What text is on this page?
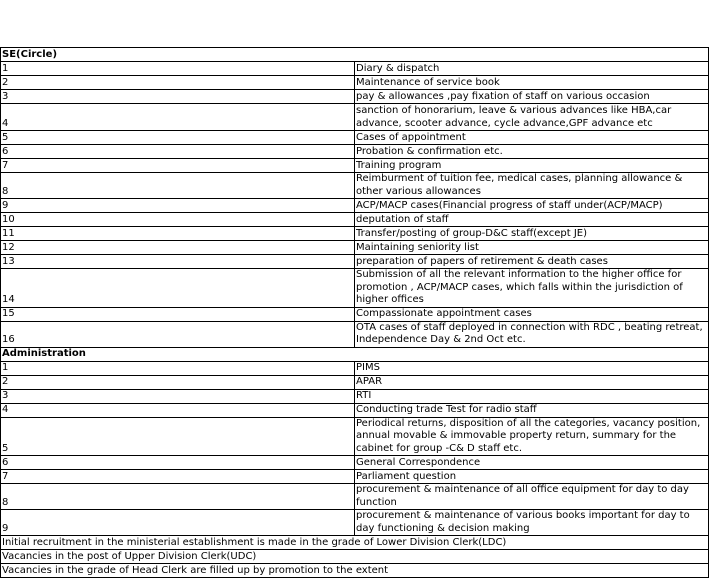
SE(Circle)	
1	Diary & dispatch
2	Maintenance of service book
3	pay & allowances ,pay fixation of staff on various occasion
4	sanction of honorarium, leave & various advances like HBA,car advance, scooter advance, cycle advance,GPF advance etc
5	Cases of appointment
6	Probation & confirmation etc.
7	Training program
8	Reimburment of tuition fee, medical cases, planning allowance & other various allowances
9	ACP/MACP cases(Financial progress of staff under(ACP/MACP)
10	deputation of staff
11	Transfer/posting of group-D&C staff(except JE)
12	Maintaining seniority list
13	preparation of papers of retirement & death cases
14	Submission of all the relevant information to the higher office for promotion , ACP/MACP cases, which falls within the jurisdiction of higher offices
15	Compassionate appointment cases
16	OTA cases of staff deployed in connection with RDC , beating retreat, Independence Day & 2nd Oct etc.
Administration	
1	PIMS
2	APAR
3	RTI
4	Conducting trade Test for radio staff
5	Periodical returns, disposition of all the categories, vacancy position, annual movable & immovable property return, summary for the cabinet for group -C& D staff etc.
6	General Correspondence
7	Parliament question
8	procurement & maintenance of all office equipment for day to day function
9	procurement & maintenance of various books important for day to day functioning & decision making
Initial recruitment in the ministerial establishment is made in the grade of Lower Division Clerk(LDC)	
Vacancies in the post of Upper Division Clerk(UDC)	
Vacancies in the grade of Head Clerk are filled up by promotion to the extent	
